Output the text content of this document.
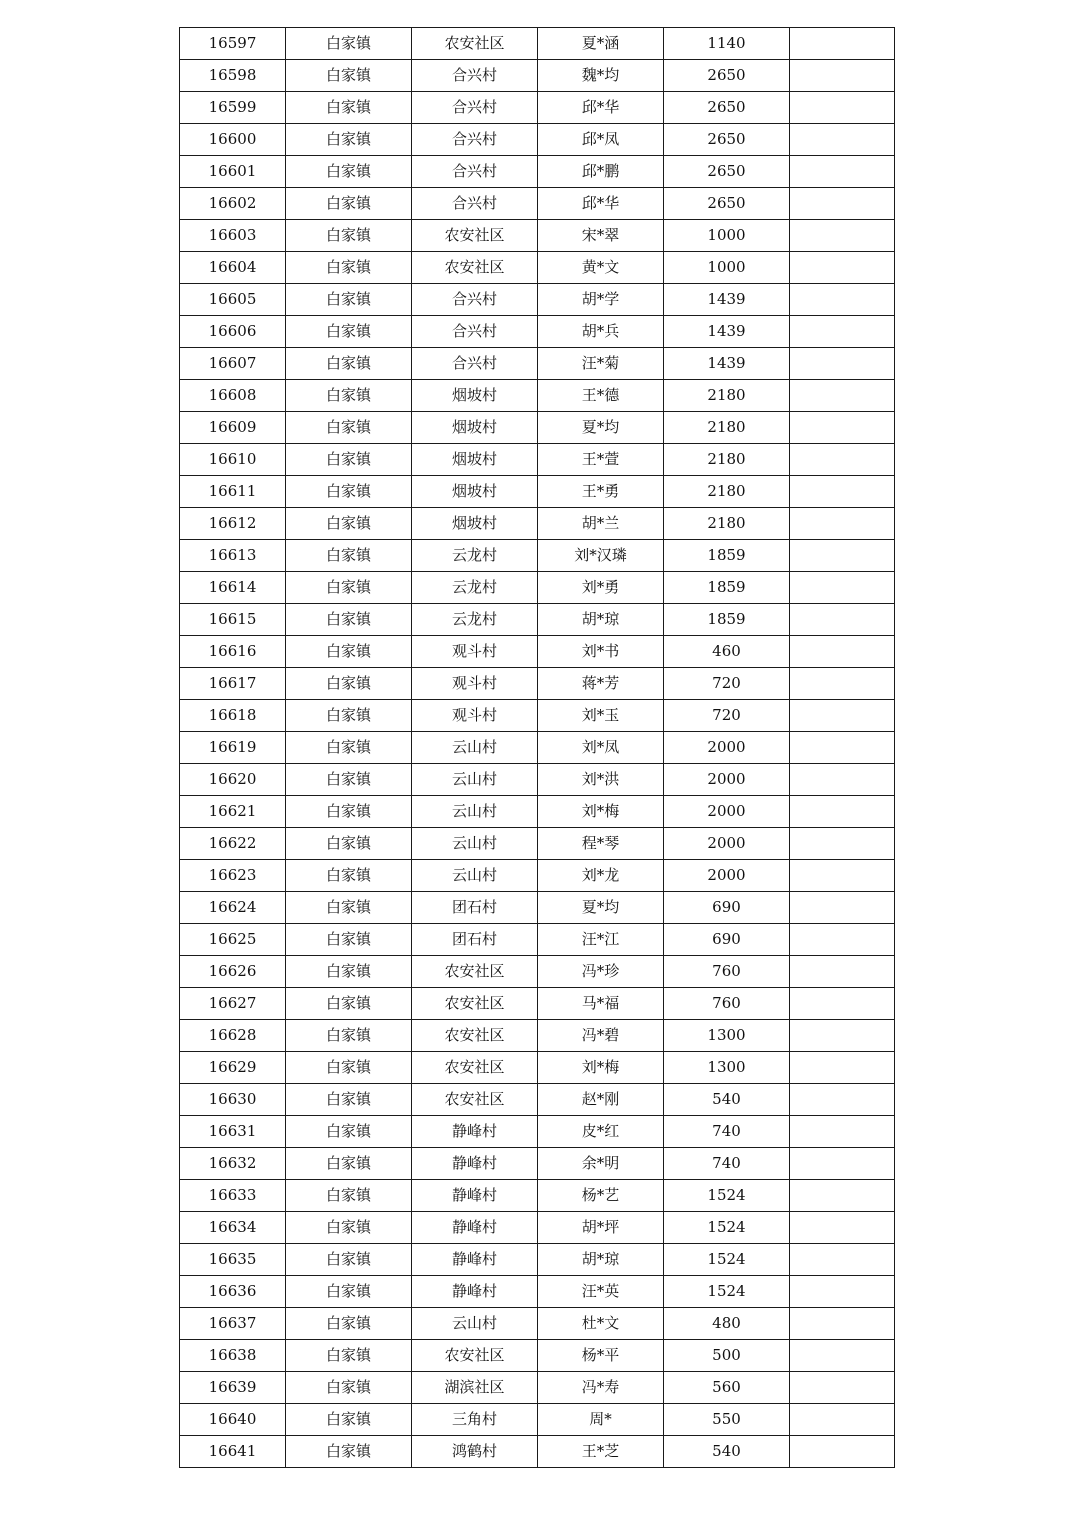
16597	白家镇	农安社区	夏*涵	1140	
16598	白家镇	合兴村	魏*均	2650	
16599	白家镇	合兴村	邱*华	2650	
16600	白家镇	合兴村	邱*凤	2650	
16601	白家镇	合兴村	邱*鹏	2650	
16602	白家镇	合兴村	邱*华	2650	
16603	白家镇	农安社区	宋*翠	1000	
16604	白家镇	农安社区	黄*文	1000	
16605	白家镇	合兴村	胡*学	1439	
16606	白家镇	合兴村	胡*兵	1439	
16607	白家镇	合兴村	汪*菊	1439	
16608	白家镇	烟坡村	王*德	2180	
16609	白家镇	烟坡村	夏*均	2180	
16610	白家镇	烟坡村	王*萱	2180	
16611	白家镇	烟坡村	王*勇	2180	
16612	白家镇	烟坡村	胡*兰	2180	
16613	白家镇	云龙村	刘*汉璘	1859	
16614	白家镇	云龙村	刘*勇	1859	
16615	白家镇	云龙村	胡*琼	1859	
16616	白家镇	观斗村	刘*书	460	
16617	白家镇	观斗村	蒋*芳	720	
16618	白家镇	观斗村	刘*玉	720	
16619	白家镇	云山村	刘*凤	2000	
16620	白家镇	云山村	刘*洪	2000	
16621	白家镇	云山村	刘*梅	2000	
16622	白家镇	云山村	程*琴	2000	
16623	白家镇	云山村	刘*龙	2000	
16624	白家镇	团石村	夏*均	690	
16625	白家镇	团石村	汪*江	690	
16626	白家镇	农安社区	冯*珍	760	
16627	白家镇	农安社区	马*福	760	
16628	白家镇	农安社区	冯*碧	1300	
16629	白家镇	农安社区	刘*梅	1300	
16630	白家镇	农安社区	赵*刚	540	
16631	白家镇	静峰村	皮*红	740	
16632	白家镇	静峰村	余*明	740	
16633	白家镇	静峰村	杨*艺	1524	
16634	白家镇	静峰村	胡*坪	1524	
16635	白家镇	静峰村	胡*琼	1524	
16636	白家镇	静峰村	汪*英	1524	
16637	白家镇	云山村	杜*文	480	
16638	白家镇	农安社区	杨*平	500	
16639	白家镇	湖滨社区	冯*寿	560	
16640	白家镇	三角村	周*	550	
16641	白家镇	鸿鹤村	王*芝	540	
